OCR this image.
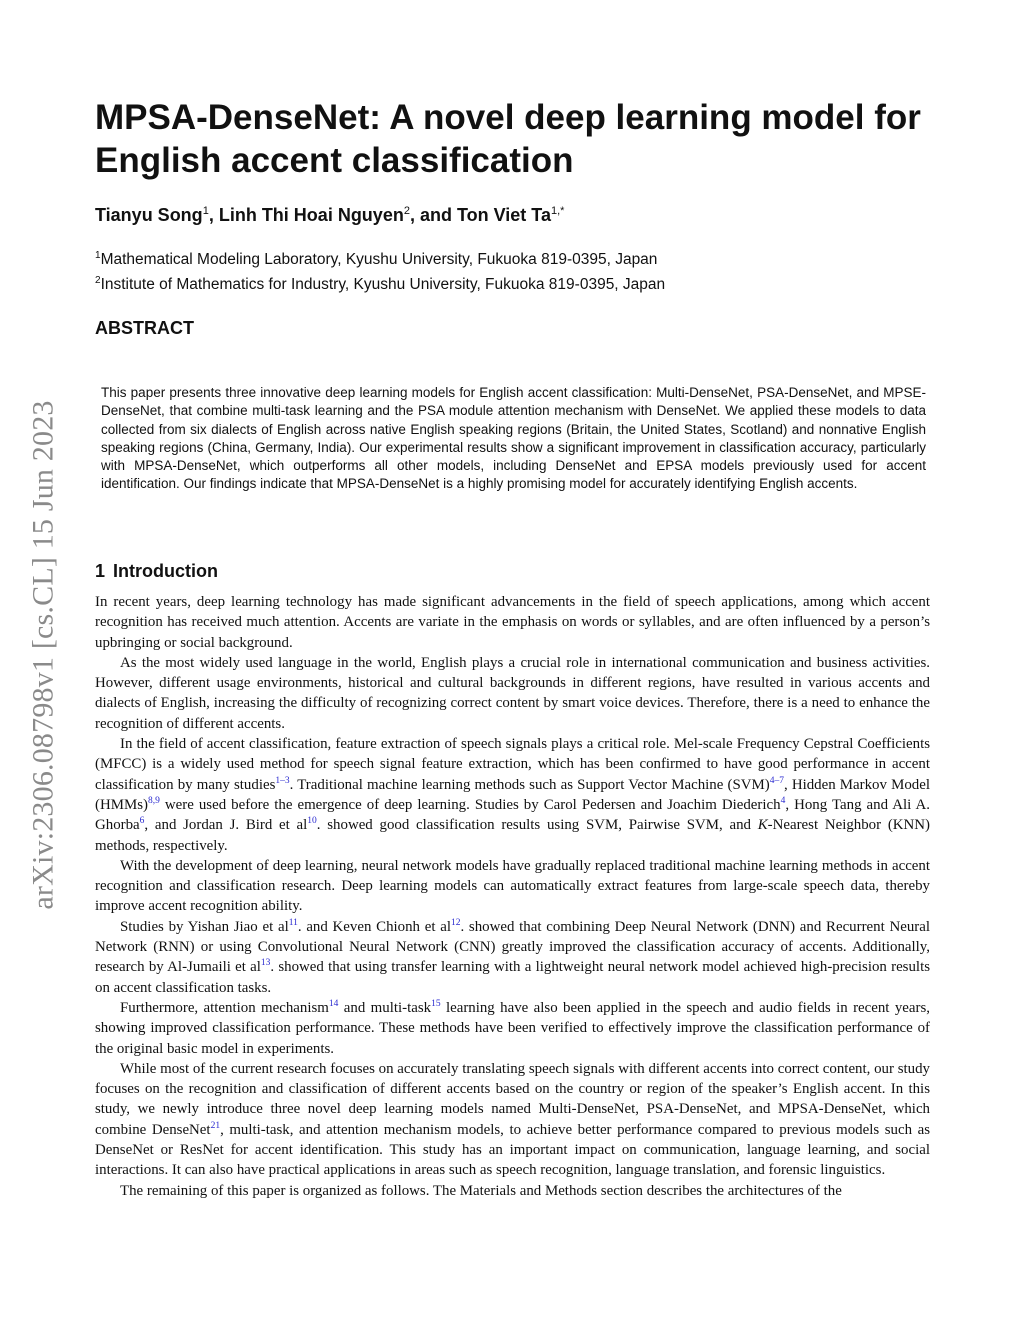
arXiv:2306.08798v1 [cs.CL] 15 Jun 2023
MPSA-DenseNet: A novel deep learning model for English accent classification

Tianyu Song$^1$, Linh Thi Hoai Nguyen$^2$, and Ton Viet $Ta^{1,*}$

$^1$Mathematical Modeling Laboratory, Kyushu University, Fukuoka 819-0395, Japan
$^2$Institute of Mathematics for Industry, Kyushu University, Fukuoka 819-0395, Japan
ABSTRACT

This paper presents three innovative deep learning models for English accent classification: Multi-DenseNet, PSA-DenseNet, and MPSE-DenseNet, that combine multi-task learning and the PSA module attention mechanism with DenseNet. We applied these models to data collected from six dialects of English across native English speaking regions (Britain, the United States, Scotland) and nonnative English speaking regions (China, Germany, India). Our experimental results show a significant improvement in classification accuracy, particularly with MPSA-DenseNet, which outperforms all other models, including DenseNet and EPSA models previously used for accent identification. Our findings indicate that MPSA-DenseNet is a highly promising model for accurately identifying English accents.

1 Introduction

In recent years, deep learning technology has made significant advancements in the field of speech applications, among which accent recognition has received much attention. Accents are variate in the emphasis on words or syllables, and are often influenced by a person’s upbringing or social background.

As the most widely used language in the world, English plays a crucial role in international communication and business activities. However, different usage environments, historical and cultural backgrounds in different regions, have resulted in various accents and dialects of English, increasing the difficulty of recognizing correct content by smart voice devices. Therefore, there is a need to enhance the recognition of different accents.

In the field of accent classification, feature extraction of speech signals plays a critical role. Mel-scale Frequency Cepstral Coefficients (MFCC) is a widely used method for speech signal feature extraction, which has been confirmed to have good performance in accent classification by many studies$^{1-3}$. Traditional machine learning methods such as Support Vector Machine (SVM)$^{4-7}$, Hidden Markov Model (HMMs)$^{8,9}$ were used before the emergence of deep learning. Studies by Carol Pedersen and Joachim Diederich$^4$, Hong Tang and Ali A. Ghorba$^6$, and Jordan J. Bird et $al^{10}$. showed good classification results using SVM, Pairwise SVM, and K-Nearest Neighbor (KNN) methods, respectively.

With the development of deep learning, neural network models have gradually replaced traditional machine learning methods in accent recognition and classification research. Deep learning models can automatically extract features from large-scale speech data, thereby improve accent recognition ability.

Studies by Yishan Jiao et $al^{11}$. and Keven Chionh et $al^{12}$. showed that combining Deep Neural Network (DNN) and Recurrent Neural Network (RNN) or using Convolutional Neural Network (CNN) greatly improved the classification accuracy of accents. Additionally, research by Al-Jumaili et $al^{13}$. showed that using transfer learning with a lightweight neural network model achieved high-precision results on accent classification tasks.

Furthermore, attention mechanism$^{14}$ and multi-task$^{15}$ learning have also been applied in the speech and audio fields in recent years, showing improved classification performance. These methods have been verified to effectively improve the classification performance of the original basic model in experiments.

While most of the current research focuses on accurately translating speech signals with different accents into correct content, our study focuses on the recognition and classification of different accents based on the country or region of the speaker’s English accent. In this study, we newly introduce three novel deep learning models named Multi-DenseNet, PSA-DenseNet, and MPSA-DenseNet, which combine DenseNet$^{21}$, multi-task, and attention mechanism models, to achieve better performance compared to previous models such as DenseNet or ResNet for accent identification. This study has an important impact on communication, language learning, and social interactions. It can also have practical applications in areas such as speech recognition, language translation, and forensic linguistics.

The remaining of this paper is organized as follows. The Materials and Methods section describes the architectures of the
